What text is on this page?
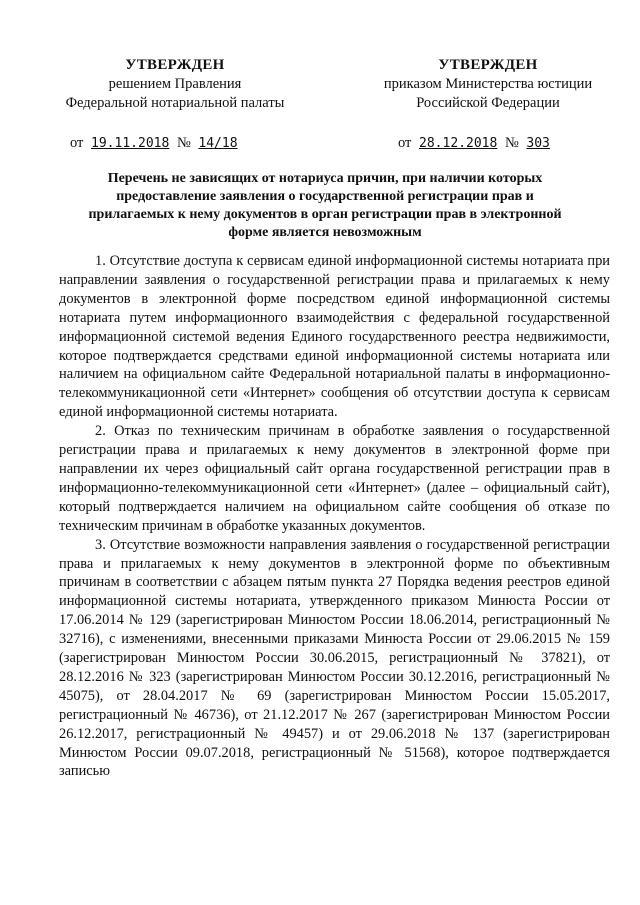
УТВЕРЖДЕН
решением Правления
Федеральной нотариальной палаты
УТВЕРЖДЕН
приказом Министерства юстиции
Российской Федерации
от 19.11.2018 № 14/18	от 28.12.2018 № 303
Перечень не зависящих от нотариуса причин, при наличии которых предоставление заявления о государственной регистрации прав и прилагаемых к нему документов в орган регистрации прав в электронной форме является невозможным

1. Отсутствие доступа к сервисам единой информационной системы нотариата при направлении заявления о государственной регистрации права и прилагаемых к нему документов в электронной форме посредством единой информационной системы нотариата путем информационного взаимодействия с федеральной государственной информационной системой ведения Единого государственного реестра недвижимости, которое подтверждается средствами единой информационной системы нотариата или наличием на официальном сайте Федеральной нотариальной палаты в информационно-телекоммуникационной сети «Интернет» сообщения об отсутствии доступа к сервисам единой информационной системы нотариата.

2. Отказ по техническим причинам в обработке заявления о государственной регистрации права и прилагаемых к нему документов в электронной форме при направлении их через официальный сайт органа государственной регистрации прав в информационно-телекоммуникационной сети «Интернет» (далее – официальный сайт), который подтверждается наличием на официальном сайте сообщения об отказе по техническим причинам в обработке указанных документов.

3. Отсутствие возможности направления заявления о государственной регистрации права и прилагаемых к нему документов в электронной форме по объективным причинам в соответствии с абзацем пятым пункта 27 Порядка ведения реестров единой информационной системы нотариата, утвержденного приказом Минюста России от 17.06.2014 № 129 (зарегистрирован Минюстом России 18.06.2014, регистрационный № 32716), с изменениями, внесенными приказами Минюста России от 29.06.2015 № 159 (зарегистрирован Минюстом России 30.06.2015, регистрационный № 37821), от 28.12.2016 № 323 (зарегистрирован Минюстом России 30.12.2016, регистрационный № 45075), от 28.04.2017 № 69 (зарегистрирован Минюстом России 15.05.2017, регистрационный № 46736), от 21.12.2017 № 267 (зарегистрирован Минюстом России 26.12.2017, регистрационный № 49457) и от 29.06.2018 № 137 (зарегистрирован Минюстом России 09.07.2018, регистрационный № 51568), которое подтверждается записью
